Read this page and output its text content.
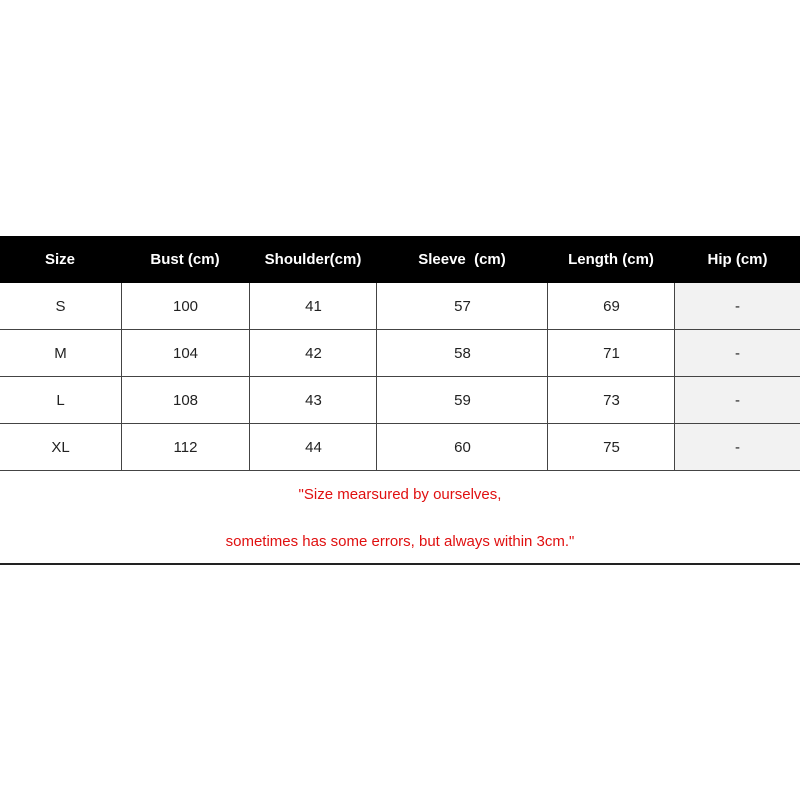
Size	Bust (cm)	Shoulder(cm)	Sleeve  (cm)	Length (cm)	Hip (cm)
S	100	41	57	69	-
M	104	42	58	71	-
L	108	43	59	73	-
XL	112	44	60	75	-
"Size mearsured by ourselves,
sometimes has some errors, but always within 3cm."
